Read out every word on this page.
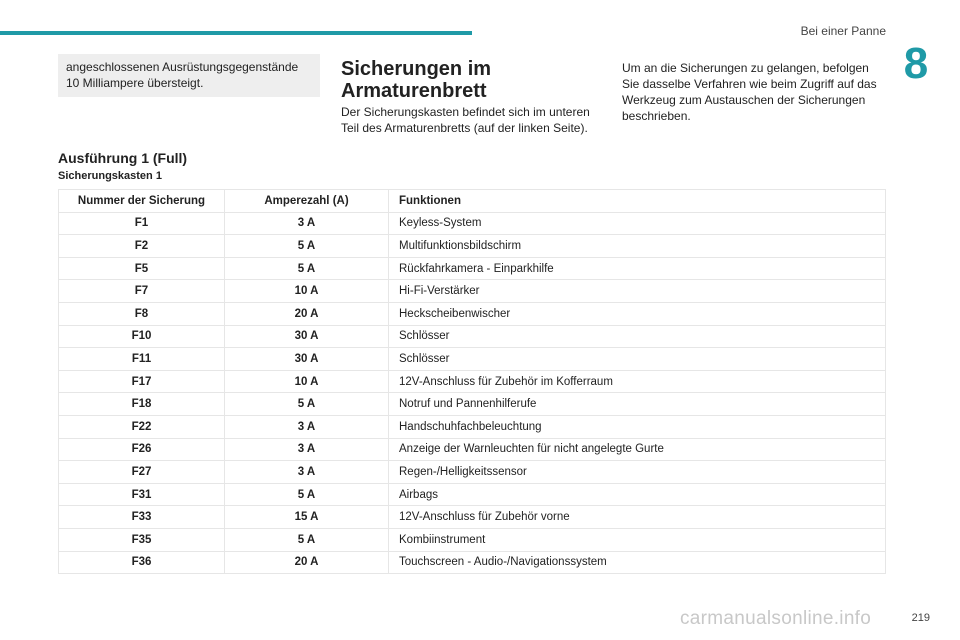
Bei einer Panne
8
angeschlossenen Ausrüstungsgegenstände 10 Milliampere übersteigt.
Sicherungen im
Armaturenbrett
Der Sicherungskasten befindet sich im unteren Teil des Armaturenbretts (auf der linken Seite).
Um an die Sicherungen zu gelangen, befolgen Sie dasselbe Verfahren wie beim Zugriff auf das Werkzeug zum Austauschen der Sicherungen beschrieben.
Ausführung 1 (Full)
Sicherungskasten 1
Nummer der Sicherung	Amperezahl (A)	Funktionen
F1	3 A	Keyless-System
F2	5 A	Multifunktionsbildschirm
F5	5 A	Rückfahrkamera - Einparkhilfe
F7	10 A	Hi-Fi-Verstärker
F8	20 A	Heckscheibenwischer
F10	30 A	Schlösser
F11	30 A	Schlösser
F17	10 A	12V-Anschluss für Zubehör im Kofferraum
F18	5 A	Notruf und Pannenhilferufe
F22	3 A	Handschuhfachbeleuchtung
F26	3 A	Anzeige der Warnleuchten für nicht angelegte Gurte
F27	3 A	Regen-/Helligkeitssensor
F31	5 A	Airbags
F33	15 A	12V-Anschluss für Zubehör vorne
F35	5 A	Kombiinstrument
F36	20 A	Touchscreen - Audio-/Navigationssystem
carmanualsonline.info	219
